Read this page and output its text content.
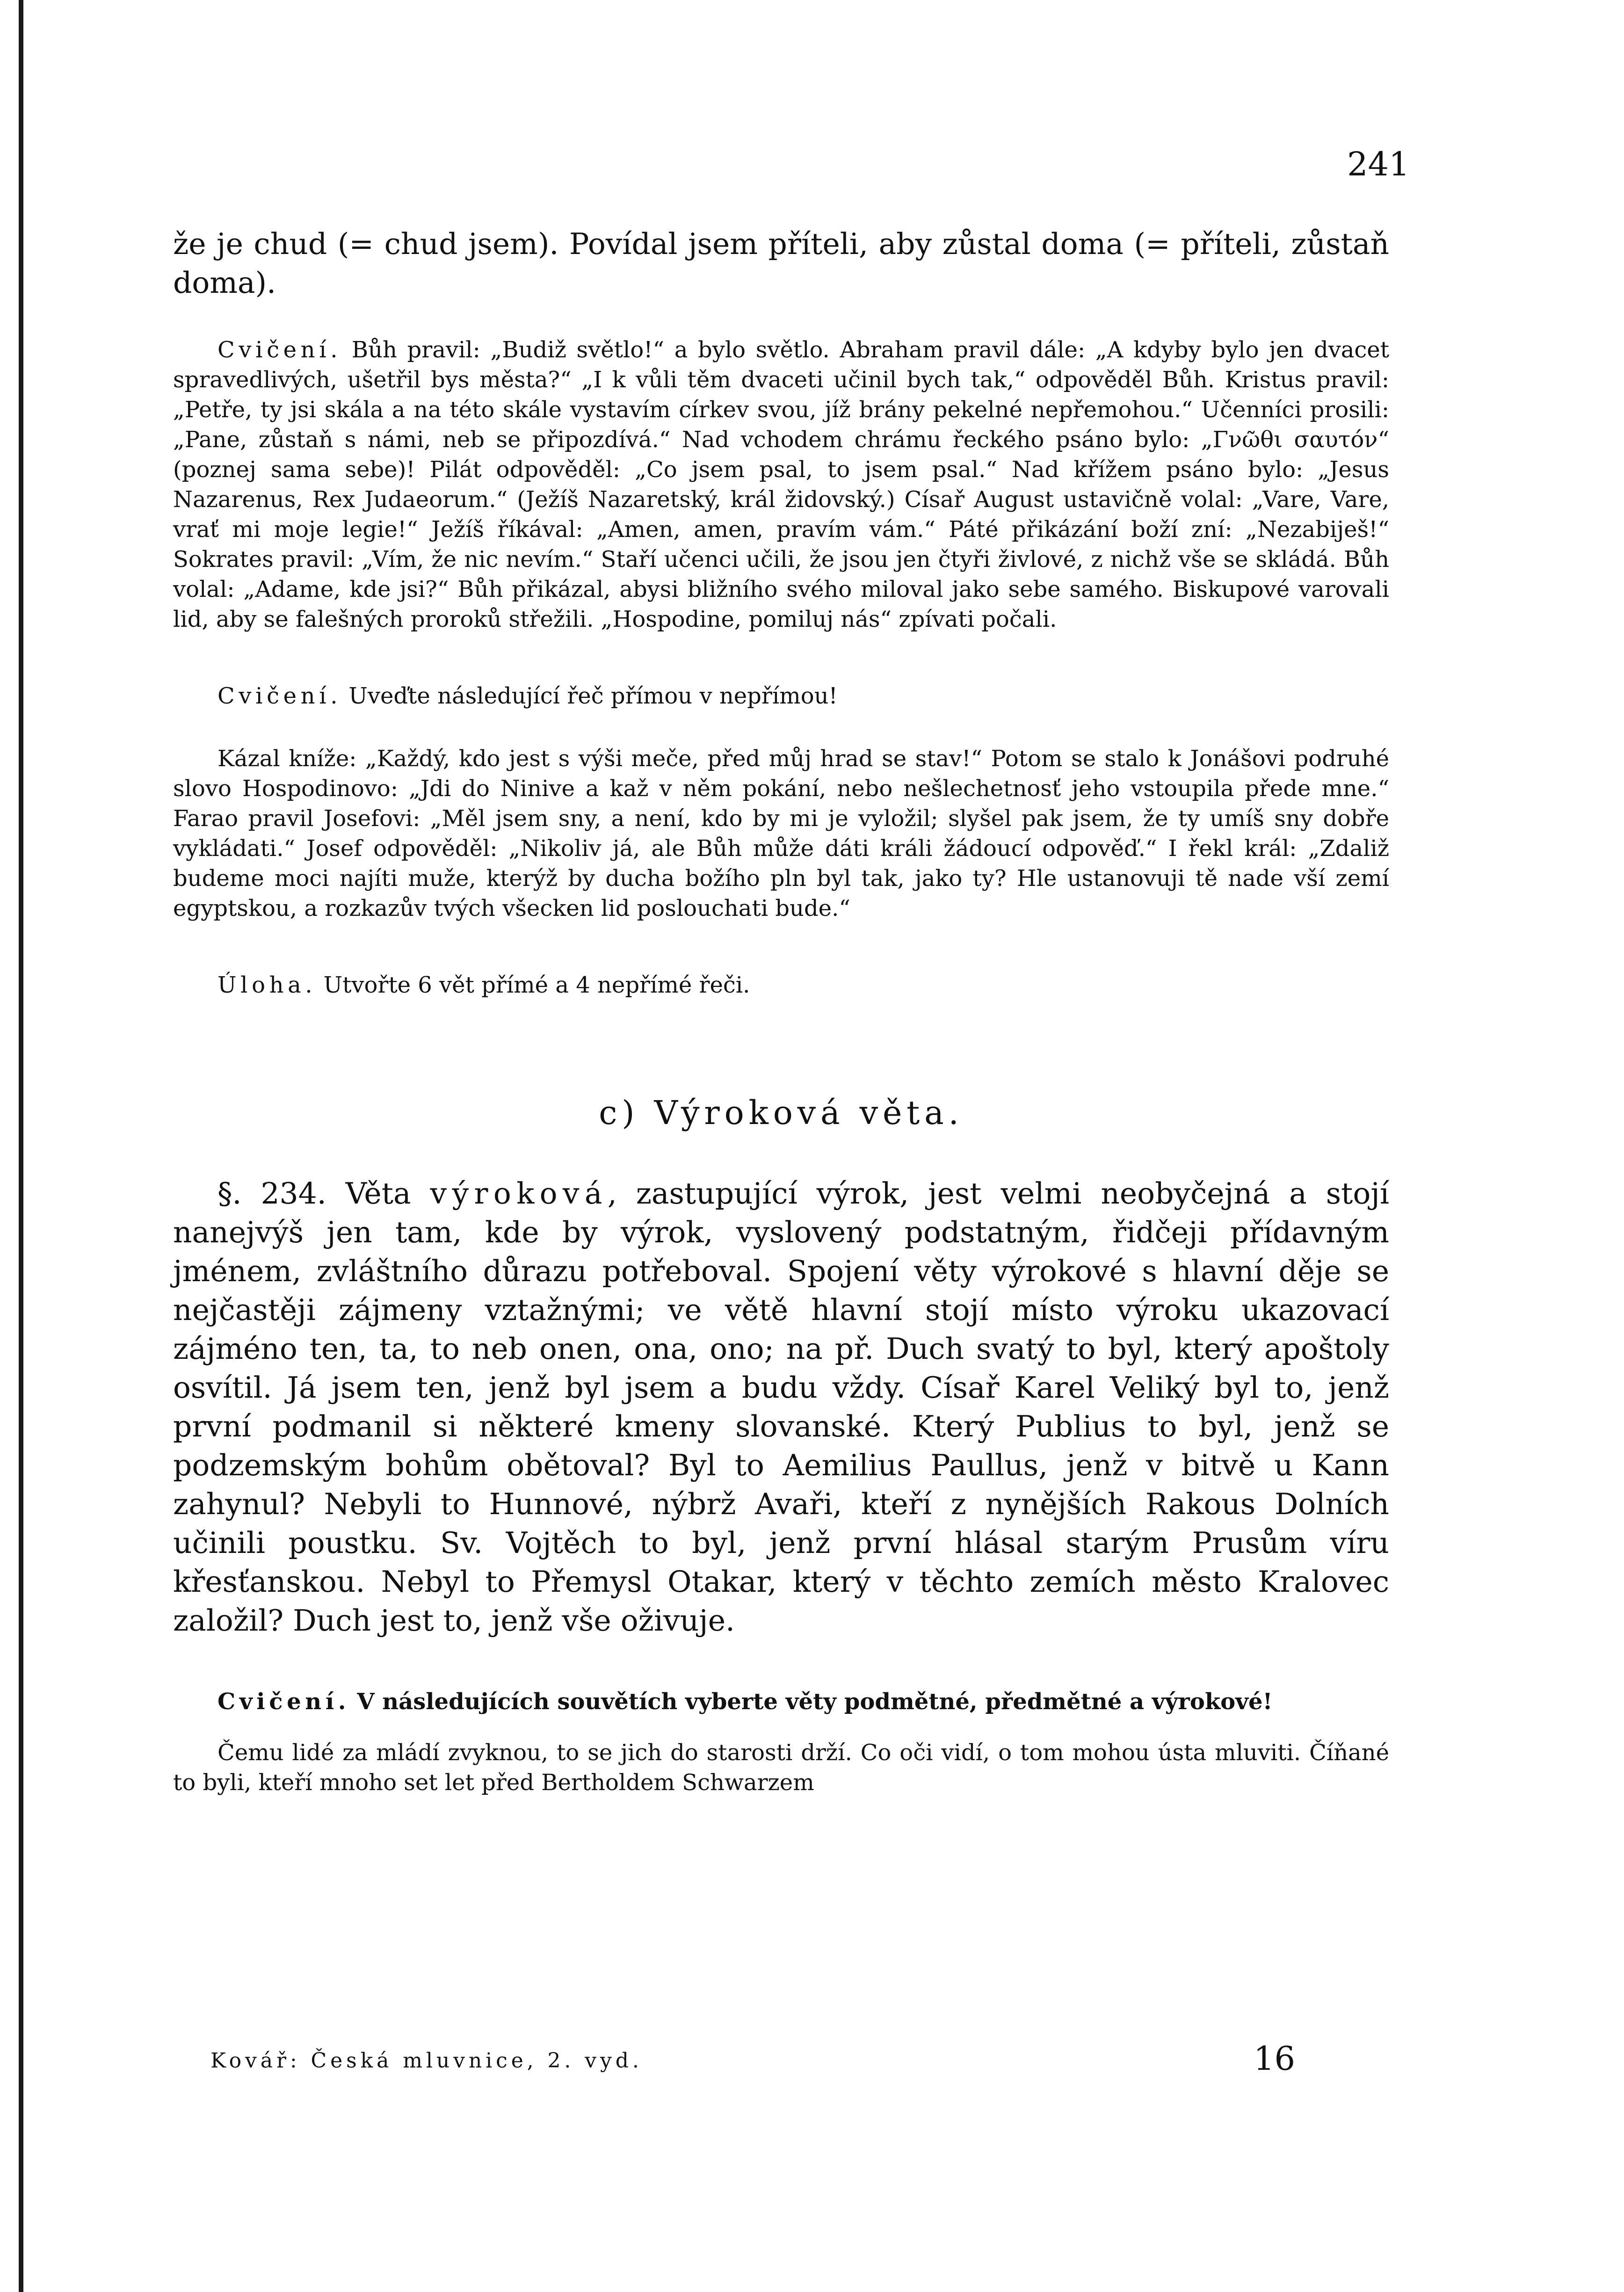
241

že je chud (= chud jsem). Povídal jsem příteli, aby zůstal doma (= příteli, zůstaň doma).

Cvičení. Bůh pravil: „Budiž světlo!“ a bylo světlo. Abraham pravil dále: „A kdyby bylo jen dvacet spravedlivých, ušetřil bys města?“ „I k vůli těm dvaceti učinil bych tak,“ odpověděl Bůh. Kristus pravil: „Petře, ty jsi skála a na této skále vystavím církev svou, jíž brány pekelné nepřemohou.“ Učenníci prosili: „Pane, zůstaň s námi, neb se připozdívá.“ Nad vchodem chrámu řeckého psáno bylo: „Γνῶθι σαυτόν“ (poznej sama sebe)! Pilát odpověděl: „Co jsem psal, to jsem psal.“ Nad křížem psáno bylo: „Jesus Nazarenus, Rex Judaeorum.“ (Ježíš Nazaretský, král židovský.) Císař August ustavičně volal: „Vare, Vare, vrať mi moje legie!“ Ježíš říkával: „Amen, amen, pravím vám.“ Páté přikázání boží zní: „Nezabiješ!“ Sokrates pravil: „Vím, že nic nevím.“ Staří učenci učili, že jsou jen čtyři živlové, z nichž vše se skládá. Bůh volal: „Adame, kde jsi?“ Bůh přikázal, abysi bližního svého miloval jako sebe samého. Biskupové varovali lid, aby se falešných proroků střežili. „Hospodine, pomiluj nás“ zpívati počali.

Cvičení. Uveďte následující řeč přímou v nepřímou!

Kázal kníže: „Každý, kdo jest s výši meče, před můj hrad se stav!“ Potom se stalo k Jonášovi podruhé slovo Hospodinovo: „Jdi do Ninive a kaž v něm pokání, nebo nešlechetnosť jeho vstoupila přede mne.“ Farao pravil Josefovi: „Měl jsem sny, a není, kdo by mi je vyložil; slyšel pak jsem, že ty umíš sny dobře vykládati.“ Josef odpověděl: „Nikoliv já, ale Bůh může dáti králi žádoucí odpověď.“ I řekl král: „Zdaliž budeme moci najíti muže, kterýž by ducha božího pln byl tak, jako ty? Hle ustanovuji tě nade vší zemí egyptskou, a rozkazův tvých všecken lid poslouchati bude.“

Úloha. Utvořte 6 vět přímé a 4 nepřímé řeči.

c) Výroková věta.

§. 234. Věta výroková, zastupující výrok, jest velmi neobyčejná a stojí nanejvýš jen tam, kde by výrok, vyslovený podstatným, řidčeji přídavným jménem, zvláštního důrazu potřeboval. Spojení věty výrokové s hlavní děje se nejčastěji zájmeny vztažnými; ve větě hlavní stojí místo výroku ukazovací zájméno ten, ta, to neb onen, ona, ono; na př. Duch svatý to byl, který apoštoly osvítil. Já jsem ten, jenž byl jsem a budu vždy. Císař Karel Veliký byl to, jenž první podmanil si některé kmeny slovanské. Který Publius to byl, jenž se podzemským bohům obětoval? Byl to Aemilius Paullus, jenž v bitvě u Kann zahynul? Nebyli to Hunnové, nýbrž Avaři, kteří z nynějších Rakous Dolních učinili poustku. Sv. Vojtěch to byl, jenž první hlásal starým Prusům víru křesťanskou. Nebyl to Přemysl Otakar, který v těchto zemích město Kralovec založil? Duch jest to, jenž vše oživuje.

Cvičení. V následujících souvětích vyberte věty podmětné, předmětné a výrokové!

Čemu lidé za mládí zvyknou, to se jich do starosti drží. Co oči vidí, o tom mohou ústa mluviti. Číňané to byli, kteří mnoho set let před Bertholdem Schwarzem

Kovář: Česká mluvnice, 2. vyd.	16
